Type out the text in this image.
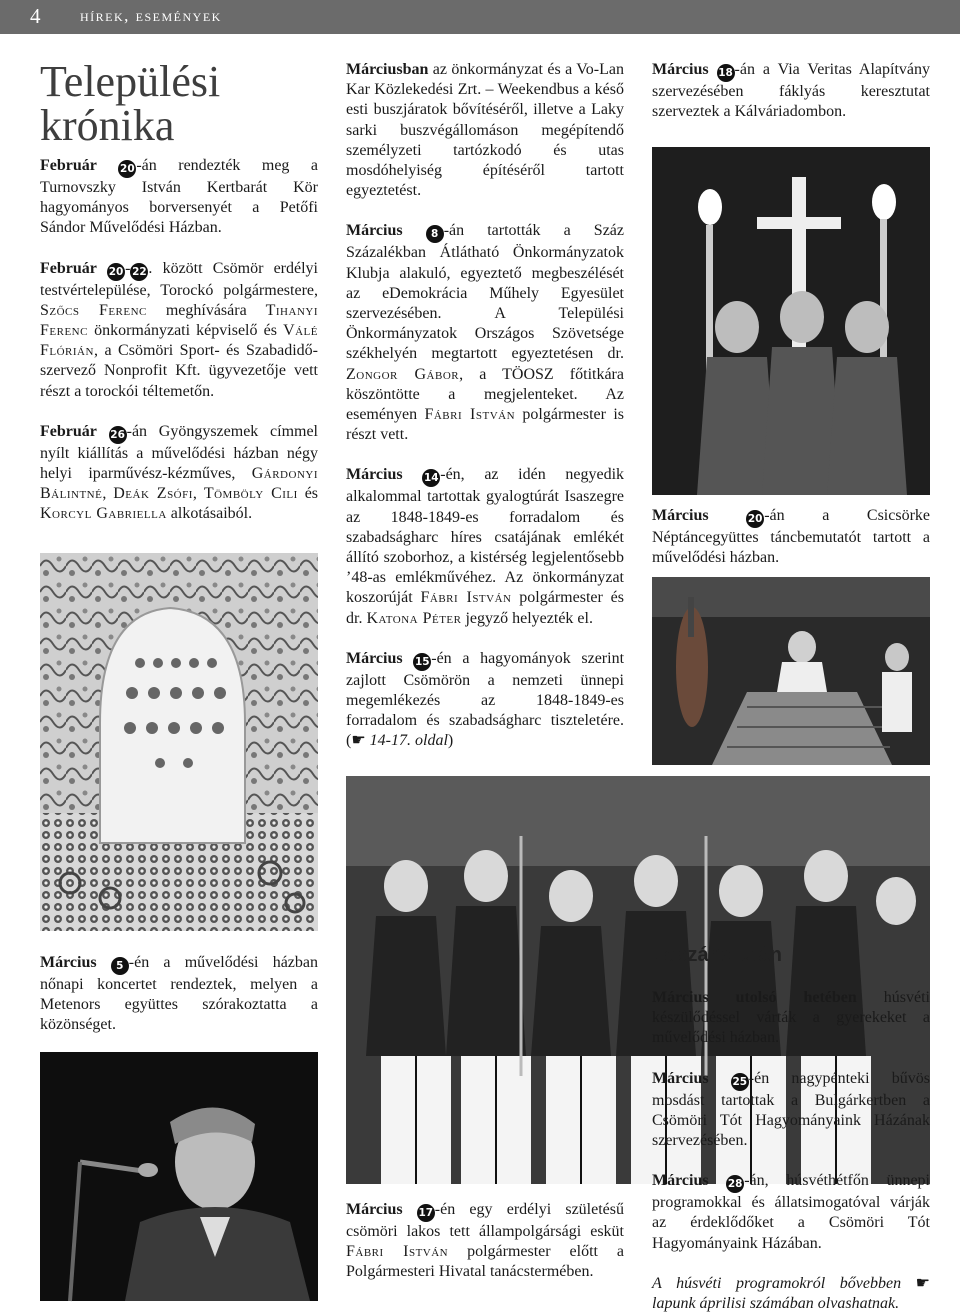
4 hírek, események
Települési
krónika

Február 20 -án rendezték meg a Turnovszky István Kertbarát Kör hagyományos borversenyét a Petőfi Sándor Művelődési Házban.

Február 20 - 22 . között Csömör erdélyi testvértelepülése, Torockó polgármestere, Szőcs Ferenc meghívására Tihanyi Ferenc önkormányzati képviselő és Válé Flórián, a Csömöri Sport- és Szabadidő-szervező Nonprofit Kft. ügyvezetője vett részt a torockói téltemetőn.

Február 26 -án Gyöngyszemek címmel nyílt kiállítás a művelődési házban négy helyi iparművész-kézműves, Gárdonyi Bálintné, Deák Zsófi, Tömböly Cili és Korcyl Gabriella alkotásaiból.

Márciusban az önkormányzat és a Vo-Lan Kar Közlekedési Zrt. – Weekendbus a késő esti buszjáratok bővítéséről, illetve a Laky sarki buszvégállomáson megépítendő személyzeti tartózkodó és utas mosdóhelyiség építéséről tartott egyeztetést.

Március	8 -án tartották a Száz Százalékban Átlátható Önkormányzatok Klubja alakuló, egyeztető megbeszélését az eDemokrácia Műhely Egyesület szervezésében. A Települési Önkormányzatok Országos Szövetsége székhelyén megtartott egyeztetésen dr. Zongor Gábor, a TÖOSZ főtitkára köszöntötte a megjelenteket. Az eseményen Fábri István polgármester is részt vett.

Március 14 -én, az idén negyedik alkalommal tartottak gyalogtúrát Isaszegre az 1848-1849-es forradalom és szabadságharc híres csatájának emlékét állító szoborhoz, a kistérség legjelentősebb ’48-as emlékművéhez. Az önkormányzat koszorúját Fábri István polgármester és dr. Katona Péter jegyző helyezték el.

Március 15 -én a hagyományok szerint zajlott Csömörön a nemzeti ünnepi megemlékezés az 1848-1849-es forradalom és szabadságharc tiszteletére. (☛ 14-17. oldal)

Március 18 -án a Via Veritas Alapítvány szervezésében fáklyás keresztutat szerveztek a Kálváriadombon.

Március	20 -án a Csicsörke Néptáncegyüttes táncbemutatót tartott a művelődési házban.

Március 17 -én egy erdélyi születésű csömöri lakos tett állampolgársági esküt Fábri István polgármester előtt a Polgármesteri Hivatal tanácstermében.

Március 5 -én a művelődési házban nőnapi koncertet rendeztek, melyen a Metenors együttes szórakoztatta a közönséget.

Lapzárta után

Március utolsó hetében húsvéti készülődéssel várták a gyerekeket a művelődési házban.

Március 25 -én nagypénteki bűvös mosdást tartottak a Bulgárkertben a Csömöri Tót Hagyományaink Házának szervezésében.

Március 28 -án, húsvéthétfőn ünnepi programokkal és állatsimogatóval várják az érdeklődőket a Csömöri Tót Hagyományaink Házában.

A húsvéti programokról bővebben ☛ lapunk áprilisi számában olvashatnak.
